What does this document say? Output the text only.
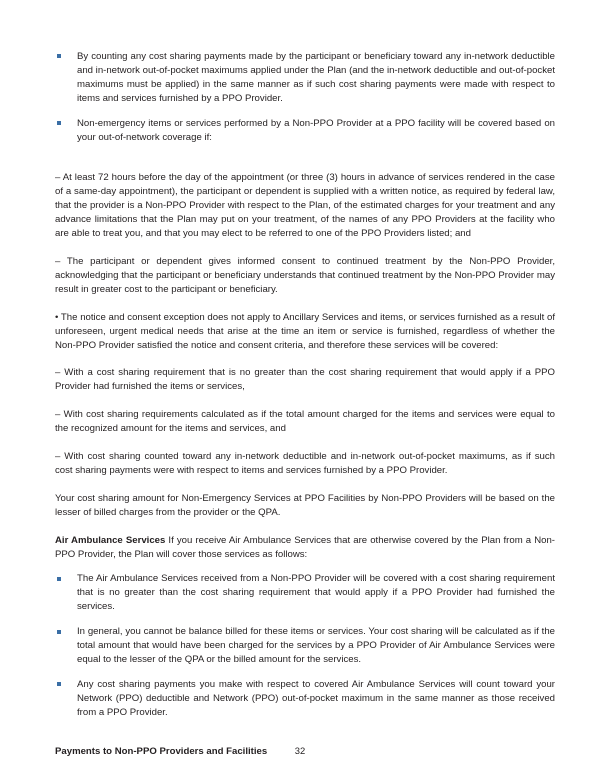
By counting any cost sharing payments made by the participant or beneficiary toward any in-network deductible and in-network out-of-pocket maximums applied under the Plan (and the in-network deductible and out-of-pocket maximums must be applied) in the same manner as if such cost sharing payments were made with respect to items and services furnished by a PPO Provider.
Non-emergency items or services performed by a Non-PPO Provider at a PPO facility will be covered based on your out-of-network coverage if:

– At least 72 hours before the day of the appointment (or three (3) hours in advance of services rendered in the case of a same-day appointment), the participant or dependent is supplied with a written notice, as required by federal law, that the provider is a Non-PPO Provider with respect to the Plan, of the estimated charges for your treatment and any advance limitations that the Plan may put on your treatment, of the names of any PPO Providers at the facility who are able to treat you, and that you may elect to be referred to one of the PPO Providers listed; and

– The participant or dependent gives informed consent to continued treatment by the Non-PPO Provider, acknowledging that the participant or beneficiary understands that continued treatment by the Non-PPO Provider may result in greater cost to the participant or beneficiary.

• The notice and consent exception does not apply to Ancillary Services and items, or services furnished as a result of unforeseen, urgent medical needs that arise at the time an item or service is furnished, regardless of whether the Non-PPO Provider satisfied the notice and consent criteria, and therefore these services will be covered:

– With a cost sharing requirement that is no greater than the cost sharing requirement that would apply if a PPO Provider had furnished the items or services,

– With cost sharing requirements calculated as if the total amount charged for the items and services were equal to the recognized amount for the items and services, and

– With cost sharing counted toward any in-network deductible and in-network out-of-pocket maximums, as if such cost sharing payments were with respect to items and services furnished by a PPO Provider.

Your cost sharing amount for Non-Emergency Services at PPO Facilities by Non-PPO Providers will be based on the lesser of billed charges from the provider or the QPA.

Air Ambulance Services If you receive Air Ambulance Services that are otherwise covered by the Plan from a Non-PPO Provider, the Plan will cover those services as follows:

The Air Ambulance Services received from a Non-PPO Provider will be covered with a cost sharing requirement that is no greater than the cost sharing requirement that would apply if a PPO Provider had furnished the services.
In general, you cannot be balance billed for these items or services. Your cost sharing will be calculated as if the total amount that would have been charged for the services by a PPO Provider of Air Ambulance Services were equal to the lesser of the QPA or the billed amount for the services.
Any cost sharing payments you make with respect to covered Air Ambulance Services will count toward your Network (PPO) deductible and Network (PPO) out-of-pocket maximum in the same manner as those received from a PPO Provider.

Payments to Non-PPO Providers and Facilities	32
